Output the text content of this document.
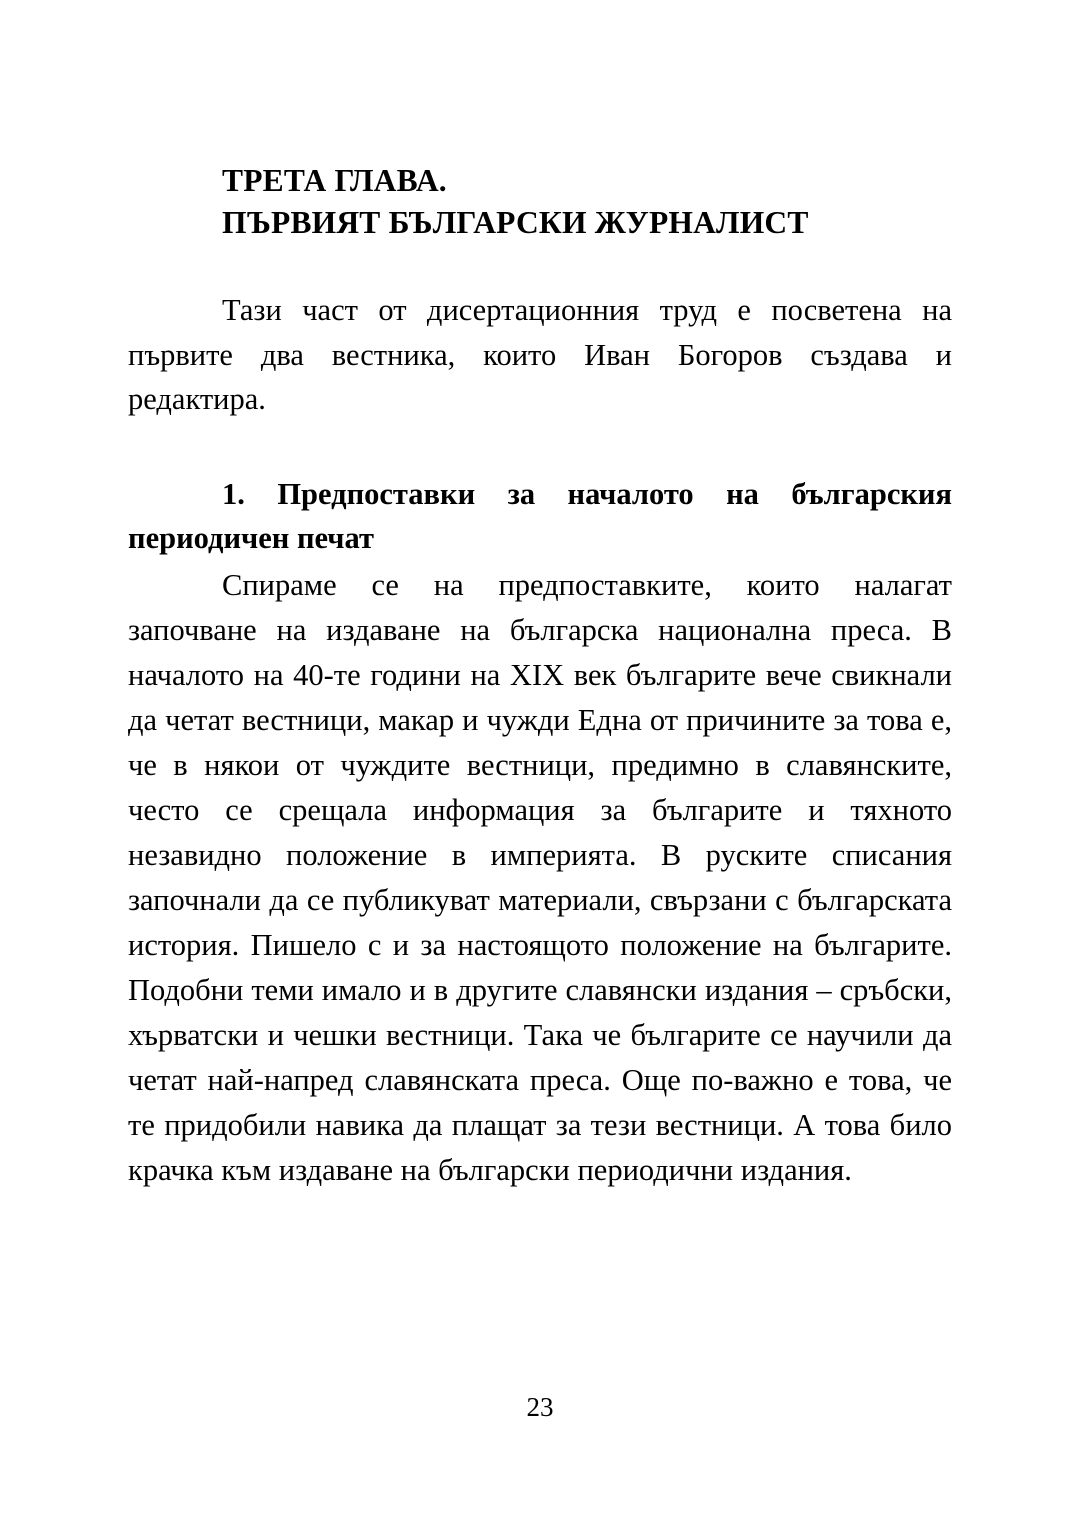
ТРЕТА ГЛАВА.
ПЪРВИЯТ БЪЛГАРСКИ ЖУРНАЛИСТ

Тази част от дисертационния труд е посветена на първите два вестника, които Иван Богоров създава и редактира.

1. Предпоставки за началото на българския периодичен печат

Спираме се на предпоставките, които налагат започване на издаване на българска национална преса. В началото на 40-те години на XIX век българите вече свикнали да четат вестници, макар и чужди Една от причините за това е, че в някои от чуждите вестници, предимно в славянските, често се срещала информация за българите и тяхното незавидно положение в империята. В руските списания започнали да се публикуват материали, свързани с българската история. Пишело с и за настоящото положение на българите. Подобни теми имало и в другите славянски издания – сръбски, хърватски и чешки вестници. Така че българите се научили да четат най-напред славянската преса. Още по-важно е това, че те придобили навика да плащат за тези вестници. А това било крачка към издаване на български периодични издания.

23
